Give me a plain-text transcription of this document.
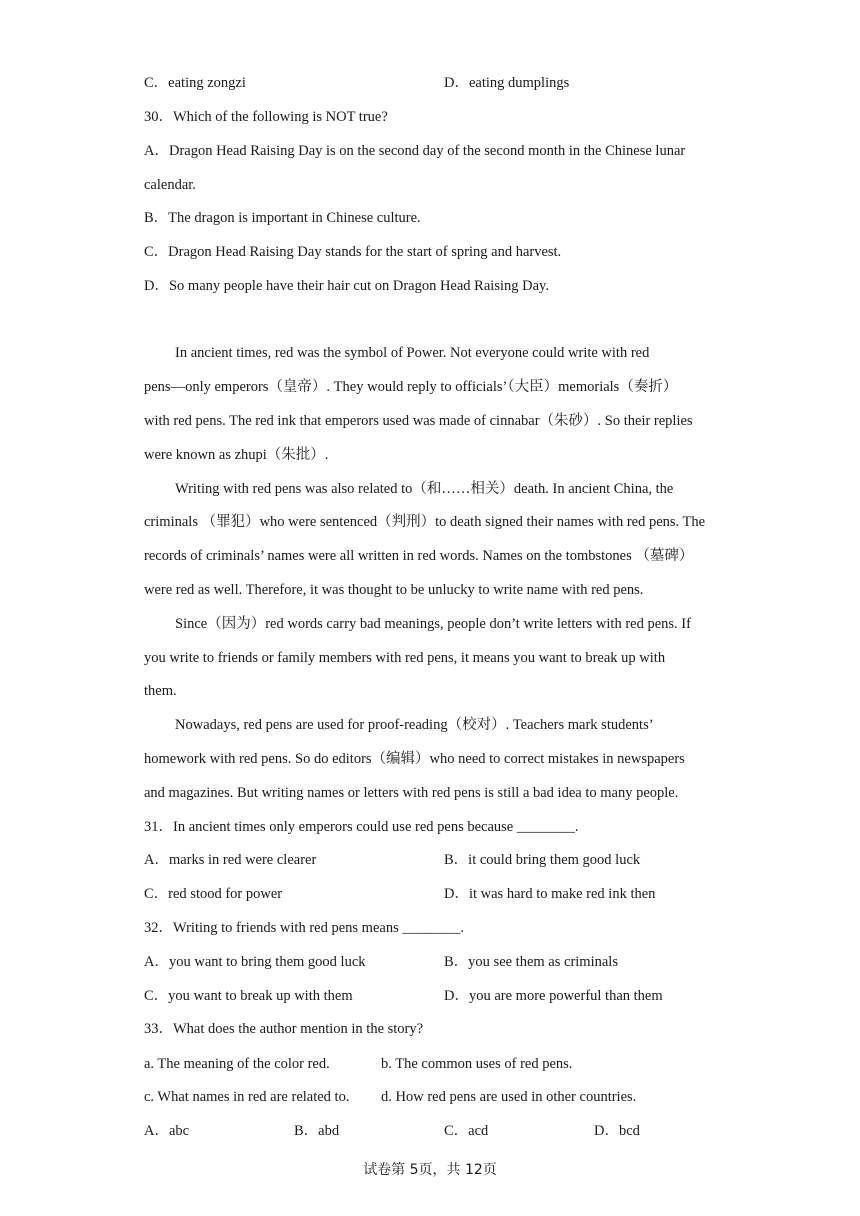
C．eating zongzi	D．eating dumplings
30．Which of the following is NOT true?
A．Dragon Head Raising Day is on the second day of the second month in the Chinese lunar
calendar.
B．The dragon is important in Chinese culture.
C．Dragon Head Raising Day stands for the start of spring and harvest.
D．So many people have their hair cut on Dragon Head Raising Day.
In ancient times, red was the symbol of Power. Not everyone could write with red
pens—only emperors（皇帝）. They would reply to officials’（大臣）memorials（奏折）
with red pens. The red ink that emperors used was made of cinnabar（朱砂）. So their replies
were known as zhupi（朱批）.
Writing with red pens was also related to（和……相关）death. In ancient China, the
criminals （罪犯）who were sentenced（判刑）to death signed their names with red pens. The
records of criminals’ names were all written in red words. Names on the tombstones （墓碑）
were red as well. Therefore, it was thought to be unlucky to write name with red pens.
Since（因为）red words carry bad meanings, people don’t write letters with red pens. If
you write to friends or family members with red pens, it means you want to break up with
them.
Nowadays, red pens are used for proof-reading（校对）. Teachers mark students’
homework with red pens. So do editors（编辑）who need to correct mistakes in newspapers
and magazines. But writing names or letters with red pens is still a bad idea to many people.
31．In ancient times only emperors could use red pens because ________.
A．marks in red were clearer	B．it could bring them good luck
C．red stood for power	D．it was hard to make red ink then
32．Writing to friends with red pens means ________.
A．you want to bring them good luck	B．you see them as criminals
C．you want to break up with them	D．you are more powerful than them
33．What does the author mention in the story?
a. The meaning of the color red.	b. The common uses of red pens.
c. What names in red are related to. d. How red pens are used in other countries.
A．abc	B．abd	C．acd	D．bcd
试卷第 5页，共 12页
